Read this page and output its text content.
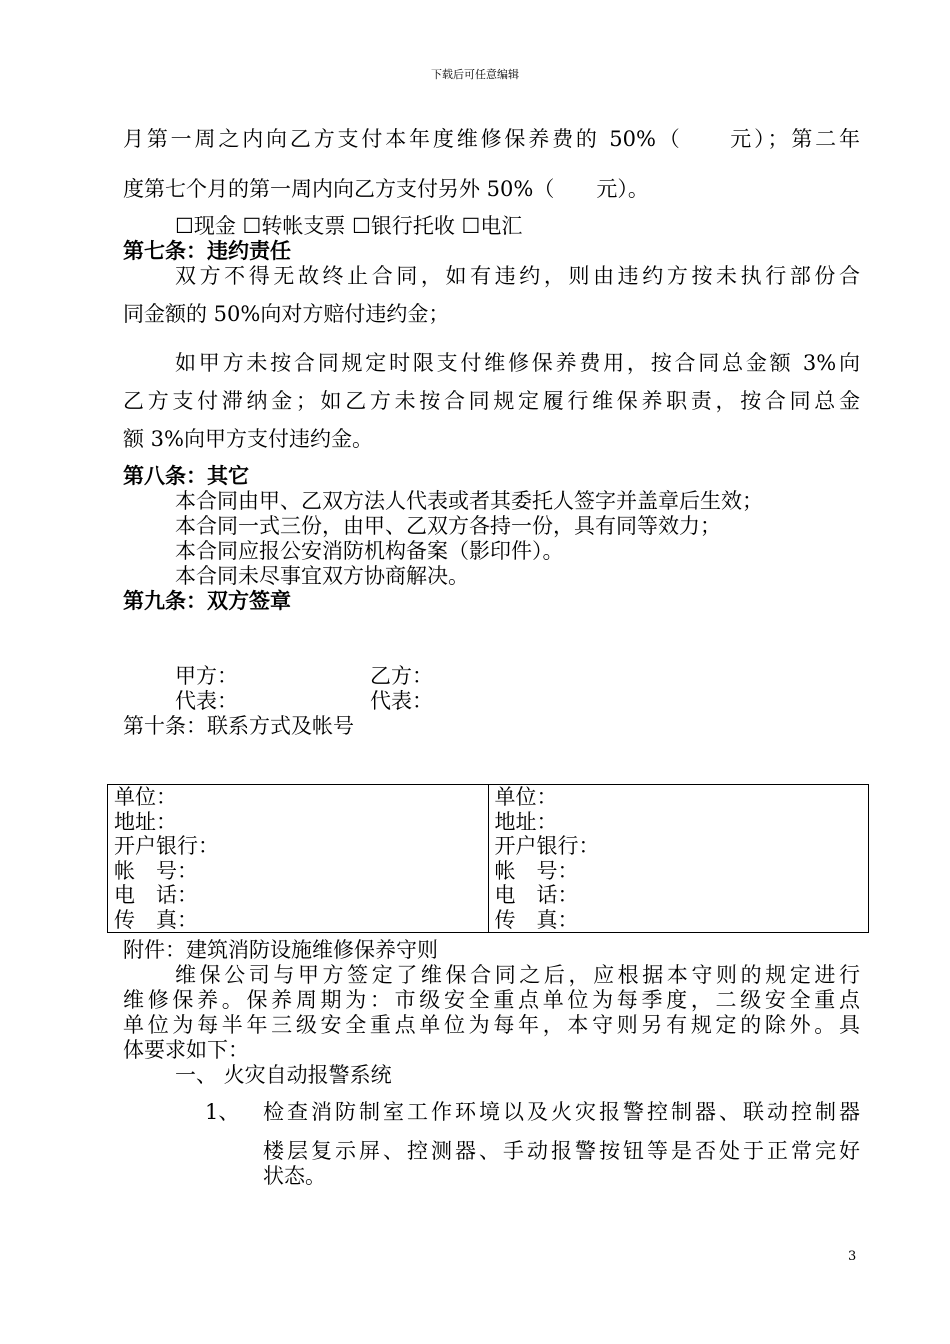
下载后可任意编辑
月第一周之内向乙方支付本年度维修保养费的 50%（　　元）；第二年
度第七个月的第一周内向乙方支付另外 50%（　　元）。
☐现金 ☐转帐支票 ☐银行托收 ☐电汇
第七条：违约责任
双方不得无故终止合同，如有违约，则由违约方按未执行部份合
同金额的 50%向对方赔付违约金；
如甲方未按合同规定时限支付维修保养费用，按合同总金额 3%向
乙方支付滞纳金；如乙方未按合同规定履行维保养职责，按合同总金
额 3%向甲方支付违约金。
第八条：其它
本合同由甲、乙双方法人代表或者其委托人签字并盖章后生效；
本合同一式三份，由甲、乙双方各持一份，具有同等效力；
本合同应报公安消防机构备案（影印件）。
本合同未尽事宜双方协商解决。
第九条：双方签章
甲方：	乙方：
代表：	代表：
第十条：联系方式及帐号
单位：
地址：
开户银行：
帐　号：
电　话：
传　真：

单位：
地址：
开户银行：
帐　号：
电　话：
传　真：
附件：建筑消防设施维修保养守则
维保公司与甲方签定了维保合同之后，应根据本守则的规定进行
维修保养。保养周期为：市级安全重点单位为每季度，二级安全重点
单位为每半年三级安全重点单位为每年，本守则另有规定的除外。具
体要求如下：
一、 火灾自动报警系统
1、 检查消防制室工作环境以及火灾报警控制器、联动控制器
楼层复示屏、控测器、手动报警按钮等是否处于正常完好
状态。
3
